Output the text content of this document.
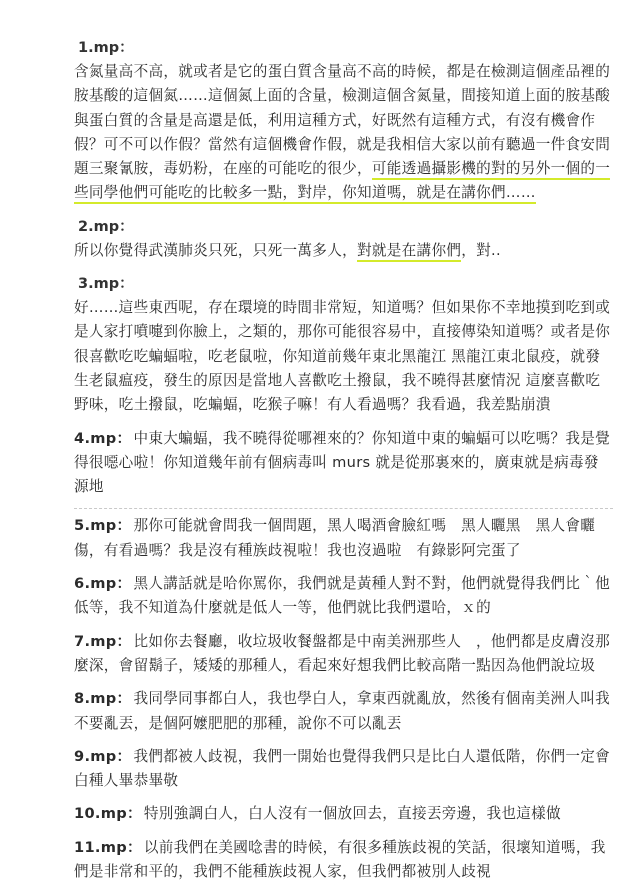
1.mp：
含氮量高不高，就或者是它的蛋白質含量高不高的時候，都是在檢測這個產品裡的胺基酸的這個氮……這個氮上面的含量，檢測這個含氮量，間接知道上面的胺基酸與蛋白質的含量是高還是低，利用這種方式，好既然有這種方式，有沒有機會作假？可不可以作假？當然有這個機會作假，就是我相信大家以前有聽過一件食安問題三聚氰胺，毒奶粉，在座的可能吃的很少，可能透過攝影機的對的另外一個的一些同學他們可能吃的比較多一點，對岸，你知道嗎，就是在講你們……
2.mp：
所以你覺得武漢肺炎只死，只死一萬多人，對就是在講你們，對..
3.mp：
好……這些東西呢，存在環境的時間非常短，知道嗎？但如果你不幸地摸到吃到或是人家打噴嚏到你臉上，之類的，那你可能很容易中，直接傳染知道嗎？或者是你很喜歡吃吃蝙蝠啦，吃老鼠啦，你知道前幾年東北黑龍江 黑龍江東北鼠疫，就發生老鼠瘟疫，發生的原因是當地人喜歡吃土撥鼠，我不曉得甚麼情況 這麼喜歡吃野味，吃土撥鼠，吃蝙蝠，吃猴子嘛！有人看過嗎？我看過，我差點崩潰
4.mp： 中東大蝙蝠，我不曉得從哪裡來的？你知道中東的蝙蝠可以吃嗎？我是覺得很噁心啦！你知道幾年前有個病毒叫 murs 就是從那裏來的，廣東就是病毒發源地
5.mp： 那你可能就會問我一個問題，黑人喝酒會臉紅嗎　黑人曬黑　黑人會曬傷，有看過嗎？我是沒有種族歧視啦！我也沒過啦　有錄影阿完蛋了
6.mp： 黑人講話就是哈你罵你，我們就是黃種人對不對，他們就覺得我們比｀他低等，我不知道為什麼就是低人一等，他們就比我們還哈，ｘ的
7.mp： 比如你去餐廳，收垃圾收餐盤都是中南美洲那些人　，他們都是皮膚沒那麼深，會留鬍子，矮矮的那種人，看起來好想我們比較高階一點因為他們說垃圾
8.mp： 我同學同事都白人，我也學白人，拿東西就亂放，然後有個南美洲人叫我不要亂丟，是個阿嬤肥肥的那種，說你不可以亂丟
9.mp： 我們都被人歧視，我們一開始也覺得我們只是比白人還低階，你們一定會白種人畢恭畢敬
10.mp： 特別強調白人，白人沒有一個放回去，直接丟旁邊，我也這樣做
11.mp： 以前我們在美國唸書的時候，有很多種族歧視的笑話，很壞知道嗎，我們是非常和平的，我們不能種族歧視人家，但我們都被別人歧視
